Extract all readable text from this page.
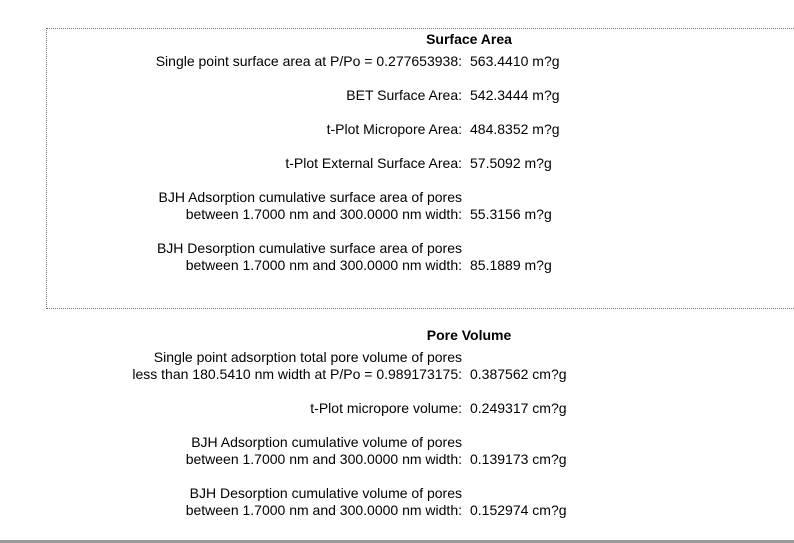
Surface Area
Single point surface area at P/Po = 0.277653938: 563.4410 m?g
BET Surface Area: 542.3444 m?g
t-Plot Micropore Area: 484.8352 m?g
t-Plot External Surface Area: 57.5092 m?g
BJH Adsorption cumulative surface area of pores
between 1.7000 nm and 300.0000 nm width: 55.3156 m?g
BJH Desorption cumulative surface area of pores
between 1.7000 nm and 300.0000 nm width: 85.1889 m?g
Pore Volume
Single point adsorption total pore volume of pores
less than 180.5410 nm width at P/Po = 0.989173175: 0.387562 cm?g
t-Plot micropore volume: 0.249317 cm?g
BJH Adsorption cumulative volume of pores
between 1.7000 nm and 300.0000 nm width: 0.139173 cm?g
BJH Desorption cumulative volume of pores
between 1.7000 nm and 300.0000 nm width: 0.152974 cm?g
